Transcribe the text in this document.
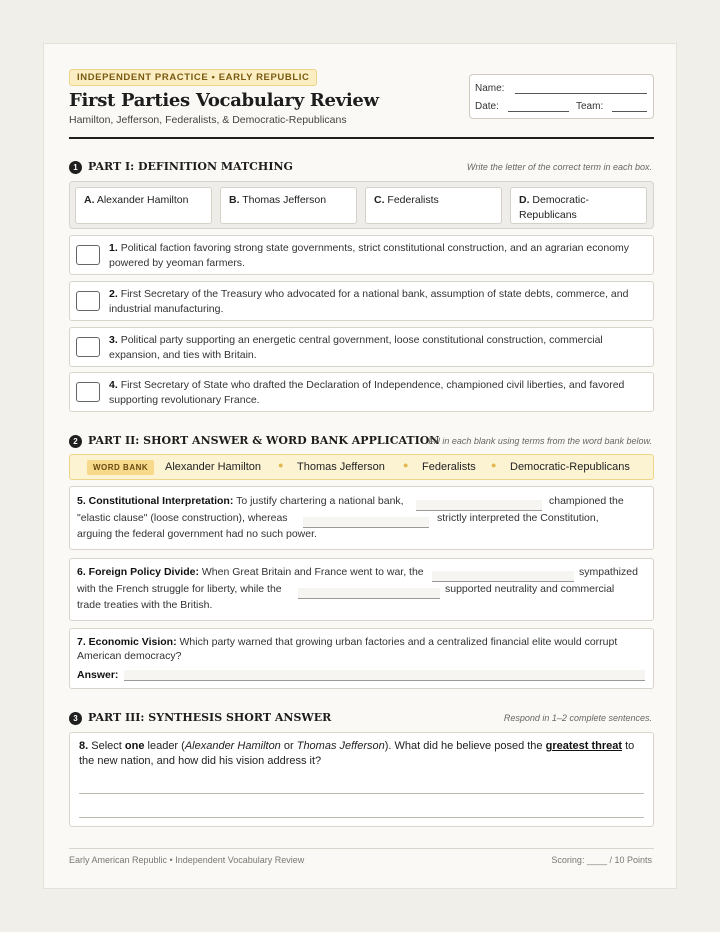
INDEPENDENT PRACTICE • EARLY REPUBLIC
First Parties Vocabulary Review
Hamilton, Jefferson, Federalists, & Democratic-Republicans
Name:
Date:	Team:
1 PART I: DEFINITION MATCHING	Write the letter of the correct term in each box.
A. Alexander Hamilton	B. Thomas Jefferson	C. Federalists	D. Democratic-Republicans
1. Political faction favoring strong state governments, strict constitutional construction, and an agrarian economy powered by yeoman farmers.
2. First Secretary of the Treasury who advocated for a national bank, assumption of state debts, commerce, and industrial manufacturing.
3. Political party supporting an energetic central government, loose constitutional construction, commercial expansion, and ties with Britain.
4. First Secretary of State who drafted the Declaration of Independence, championed civil liberties, and favored supporting revolutionary France.
2 PART II: SHORT ANSWER & WORD BANK APPLICATION
Fill in each blank using terms from the word bank below.
WORD BANK	Alexander Hamilton ● Thomas Jefferson ● Federalists ● Democratic-Republicans
5. Constitutional Interpretation: To justify chartering a national bank,	championed the
"elastic clause" (loose construction), whereas	strictly interpreted the Constitution,
arguing the federal government had no such power.
6. Foreign Policy Divide: When Great Britain and France went to war, the	sympathized
with the French struggle for liberty, while the	supported neutrality and commercial
trade treaties with the British.
7. Economic Vision: Which party warned that growing urban factories and a centralized financial elite would corrupt
American democracy?
Answer:
3 PART III: SYNTHESIS SHORT ANSWER	Respond in 1–2 complete sentences.
8. Select one leader (Alexander Hamilton or Thomas Jefferson). What did he believe posed the greatest threat to the new nation, and how did his vision address it?
Early American Republic • Independent Vocabulary Review	Scoring: ____ / 10 Points
